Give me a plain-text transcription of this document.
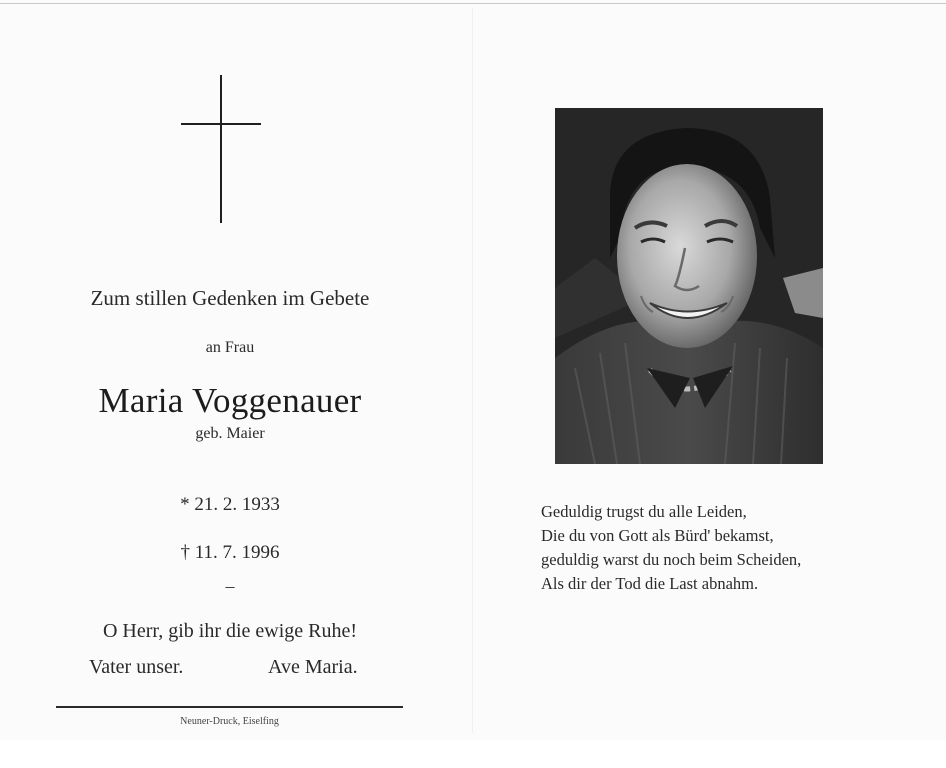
Zum stillen Gedenken im Gebete
an Frau
Maria Voggenauer
geb. Maier
* 21. 2. 1933
† 11. 7. 1996
–
O Herr, gib ihr die ewige Ruhe!
Vater unser.	Ave Maria.
Neuner-Druck, Eiselfing
Geduldig trugst du alle Leiden,
Die du von Gott als Bürd' bekamst,
geduldig warst du noch beim Scheiden,
Als dir der Tod die Last abnahm.
